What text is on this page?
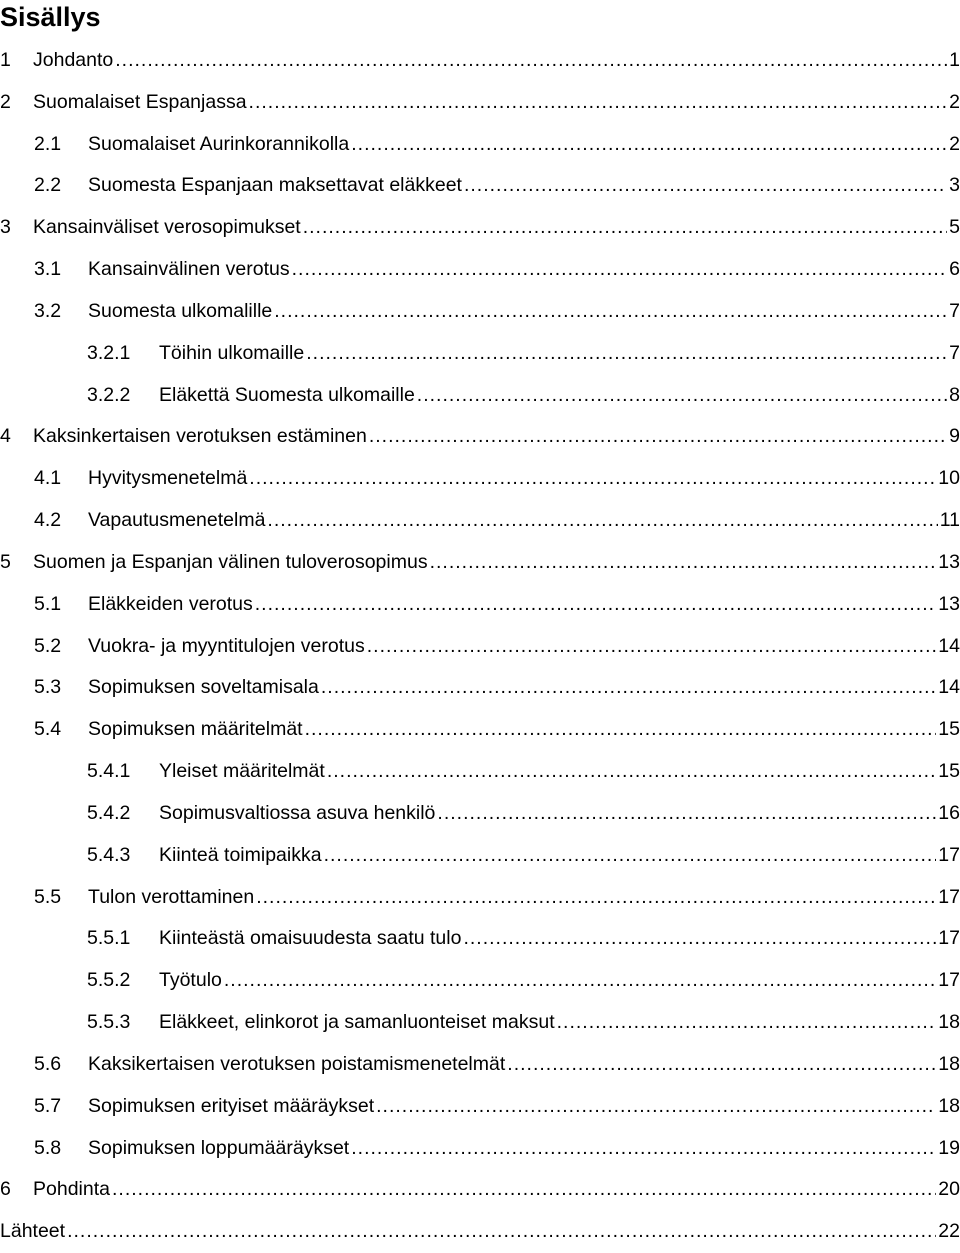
Sisällys
1	Johdanto .....	1
2	Suomalaiset Espanjassa .....	2
2.1	Suomalaiset Aurinkorannikolla .....	2
2.2	Suomesta Espanjaan maksettavat eläkkeet .....	3
3	Kansainväliset verosopimukset .....	5
3.1	Kansainvälinen verotus .....	6
3.2	Suomesta ulkomalille .....	7
3.2.1	Töihin ulkomaille .....	7
3.2.2	Eläkettä Suomesta ulkomaille .....	8
4	Kaksinkertaisen verotuksen estäminen .....	9
4.1	Hyvitysmenetelmä .....	10
4.2	Vapautusmenetelmä .....	11
5	Suomen ja Espanjan välinen tuloverosopimus .....	13
5.1	Eläkkeiden verotus .....	13
5.2	Vuokra- ja myyntitulojen verotus .....	14
5.3	Sopimuksen soveltamisala .....	14
5.4	Sopimuksen määritelmät .....	15
5.4.1	Yleiset määritelmät .....	15
5.4.2	Sopimusvaltiossa asuva henkilö .....	16
5.4.3	Kiinteä toimipaikka .....	17
5.5	Tulon verottaminen .....	17
5.5.1	Kiinteästä omaisuudesta saatu tulo .....	17
5.5.2	Työtulo .....	17
5.5.3	Eläkkeet, elinkorot ja samanluonteiset maksut .....	18
5.6	Kaksikertaisen verotuksen poistamismenetelmät .....	18
5.7	Sopimuksen erityiset määräykset .....	18
5.8	Sopimuksen loppumääräykset .....	19
6	Pohdinta .....	20
Lähteet .....	22
